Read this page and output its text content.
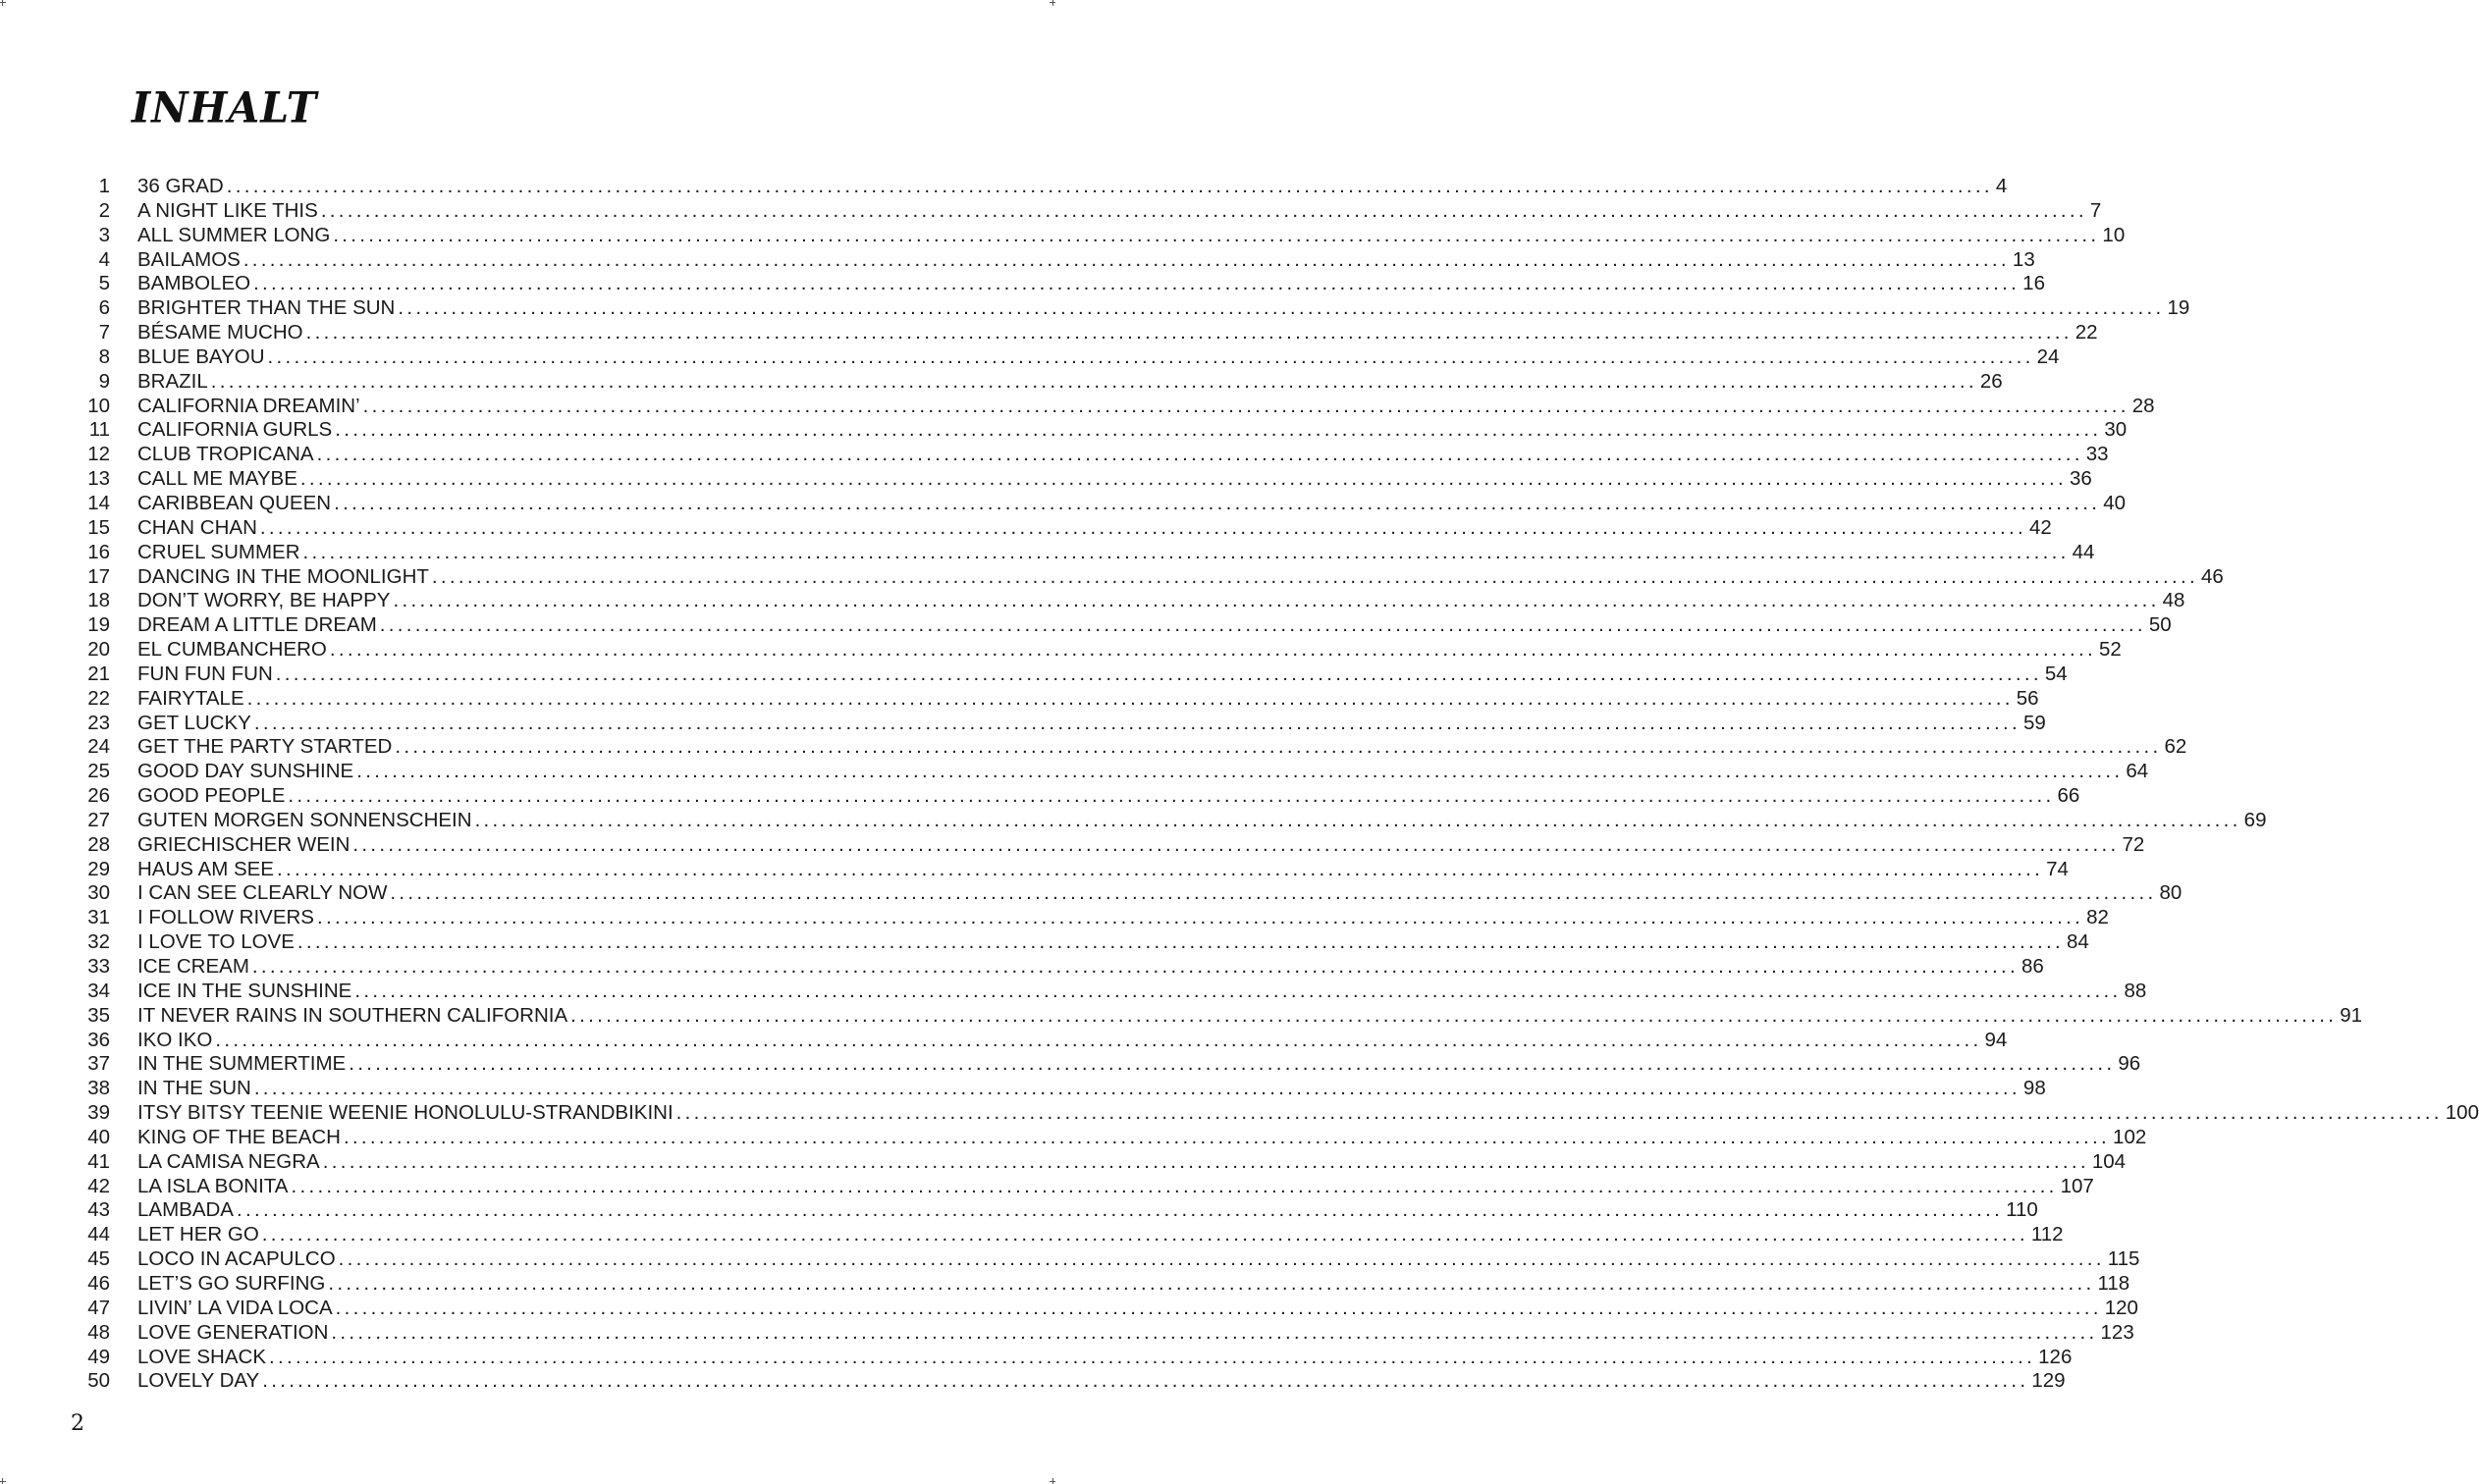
INHALT
1 36 GRAD ........................................................................................................................................................................................................ 4
2 A NIGHT LIKE THIS ........................................................................................................................................................................................................ 7
3 ALL SUMMER LONG ........................................................................................................................................................................................................ 10
4 BAILAMOS ........................................................................................................................................................................................................ 13
5 BAMBOLEO ........................................................................................................................................................................................................ 16
6 BRIGHTER THAN THE SUN ........................................................................................................................................................................................................ 19
7 BÉSAME MUCHO ........................................................................................................................................................................................................ 22
8 BLUE BAYOU ........................................................................................................................................................................................................ 24
9 BRAZIL ........................................................................................................................................................................................................ 26
10 CALIFORNIA DREAMIN’ ........................................................................................................................................................................................................ 28
11 CALIFORNIA GURLS ........................................................................................................................................................................................................ 30
12 CLUB TROPICANA ........................................................................................................................................................................................................ 33
13 CALL ME MAYBE ........................................................................................................................................................................................................ 36
14 CARIBBEAN QUEEN ........................................................................................................................................................................................................ 40
15 CHAN CHAN ........................................................................................................................................................................................................ 42
16 CRUEL SUMMER ........................................................................................................................................................................................................ 44
17 DANCING IN THE MOONLIGHT ........................................................................................................................................................................................................ 46
18 DON’T WORRY, BE HAPPY ........................................................................................................................................................................................................ 48
19 DREAM A LITTLE DREAM ........................................................................................................................................................................................................ 50
20 EL CUMBANCHERO ........................................................................................................................................................................................................ 52
21 FUN FUN FUN ........................................................................................................................................................................................................ 54
22 FAIRYTALE ........................................................................................................................................................................................................ 56
23 GET LUCKY ........................................................................................................................................................................................................ 59
24 GET THE PARTY STARTED ........................................................................................................................................................................................................ 62
25 GOOD DAY SUNSHINE ........................................................................................................................................................................................................ 64
26 GOOD PEOPLE ........................................................................................................................................................................................................ 66
27 GUTEN MORGEN SONNENSCHEIN ........................................................................................................................................................................................................ 69
28 GRIECHISCHER WEIN ........................................................................................................................................................................................................ 72
29 HAUS AM SEE ........................................................................................................................................................................................................ 74
30 I CAN SEE CLEARLY NOW ........................................................................................................................................................................................................ 80
31 I FOLLOW RIVERS ........................................................................................................................................................................................................ 82
32 I LOVE TO LOVE ........................................................................................................................................................................................................ 84
33 ICE CREAM ........................................................................................................................................................................................................ 86
34 ICE IN THE SUNSHINE ........................................................................................................................................................................................................ 88
35 IT NEVER RAINS IN SOUTHERN CALIFORNIA ........................................................................................................................................................................................................ 91
36 IKO IKO ........................................................................................................................................................................................................ 94
37 IN THE SUMMERTIME ........................................................................................................................................................................................................ 96
38 IN THE SUN ........................................................................................................................................................................................................ 98
39 ITSY BITSY TEENIE WEENIE HONOLULU-STRANDBIKINI ........................................................................................................................................................................................................ 100
40 KING OF THE BEACH ........................................................................................................................................................................................................ 102
41 LA CAMISA NEGRA ........................................................................................................................................................................................................ 104
42 LA ISLA BONITA ........................................................................................................................................................................................................ 107
43 LAMBADA ........................................................................................................................................................................................................ 110
44 LET HER GO ........................................................................................................................................................................................................ 112
45 LOCO IN ACAPULCO ........................................................................................................................................................................................................ 115
46 LET’S GO SURFING ........................................................................................................................................................................................................ 118
47 LIVIN’ LA VIDA LOCA ........................................................................................................................................................................................................ 120
48 LOVE GENERATION ........................................................................................................................................................................................................ 123
49 LOVE SHACK ........................................................................................................................................................................................................ 126
50 LOVELY DAY ........................................................................................................................................................................................................ 129
2
